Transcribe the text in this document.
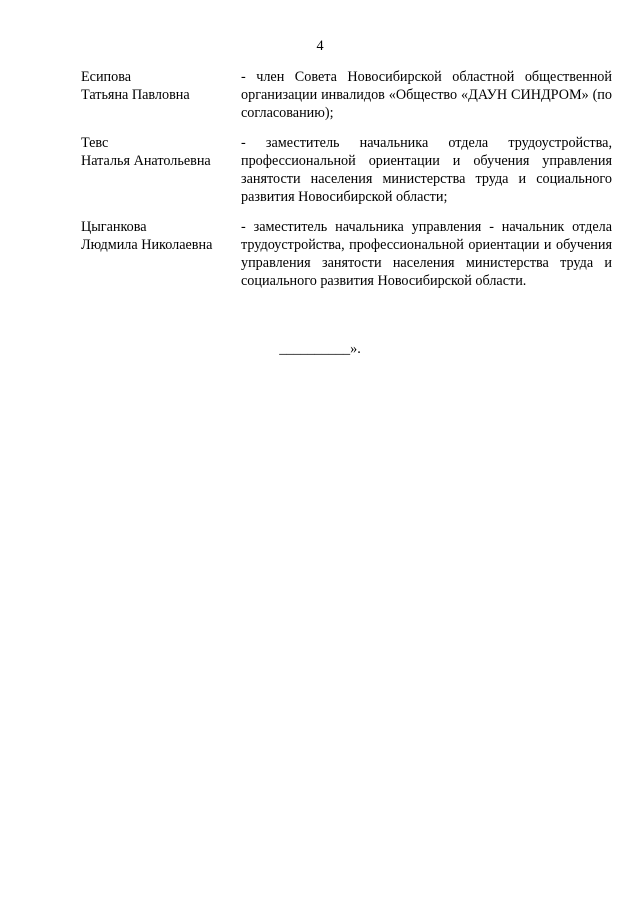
4
Есипова
Татьяна Павловна
- член Совета Новосибирской областной общественной организации инвалидов «Общество «ДАУН СИНДРОМ» (по согласованию);
Тевс
Наталья Анатольевна
- заместитель начальника отдела трудоустройства, профессиональной ориентации и обучения управления занятости населения министерства труда и социального развития Новосибирской области;
Цыганкова
Людмила Николаевна
- заместитель начальника управления - начальник отдела трудоустройства, профессиональной ориентации и обучения управления занятости населения министерства труда и социального развития Новосибирской области.
__________».
